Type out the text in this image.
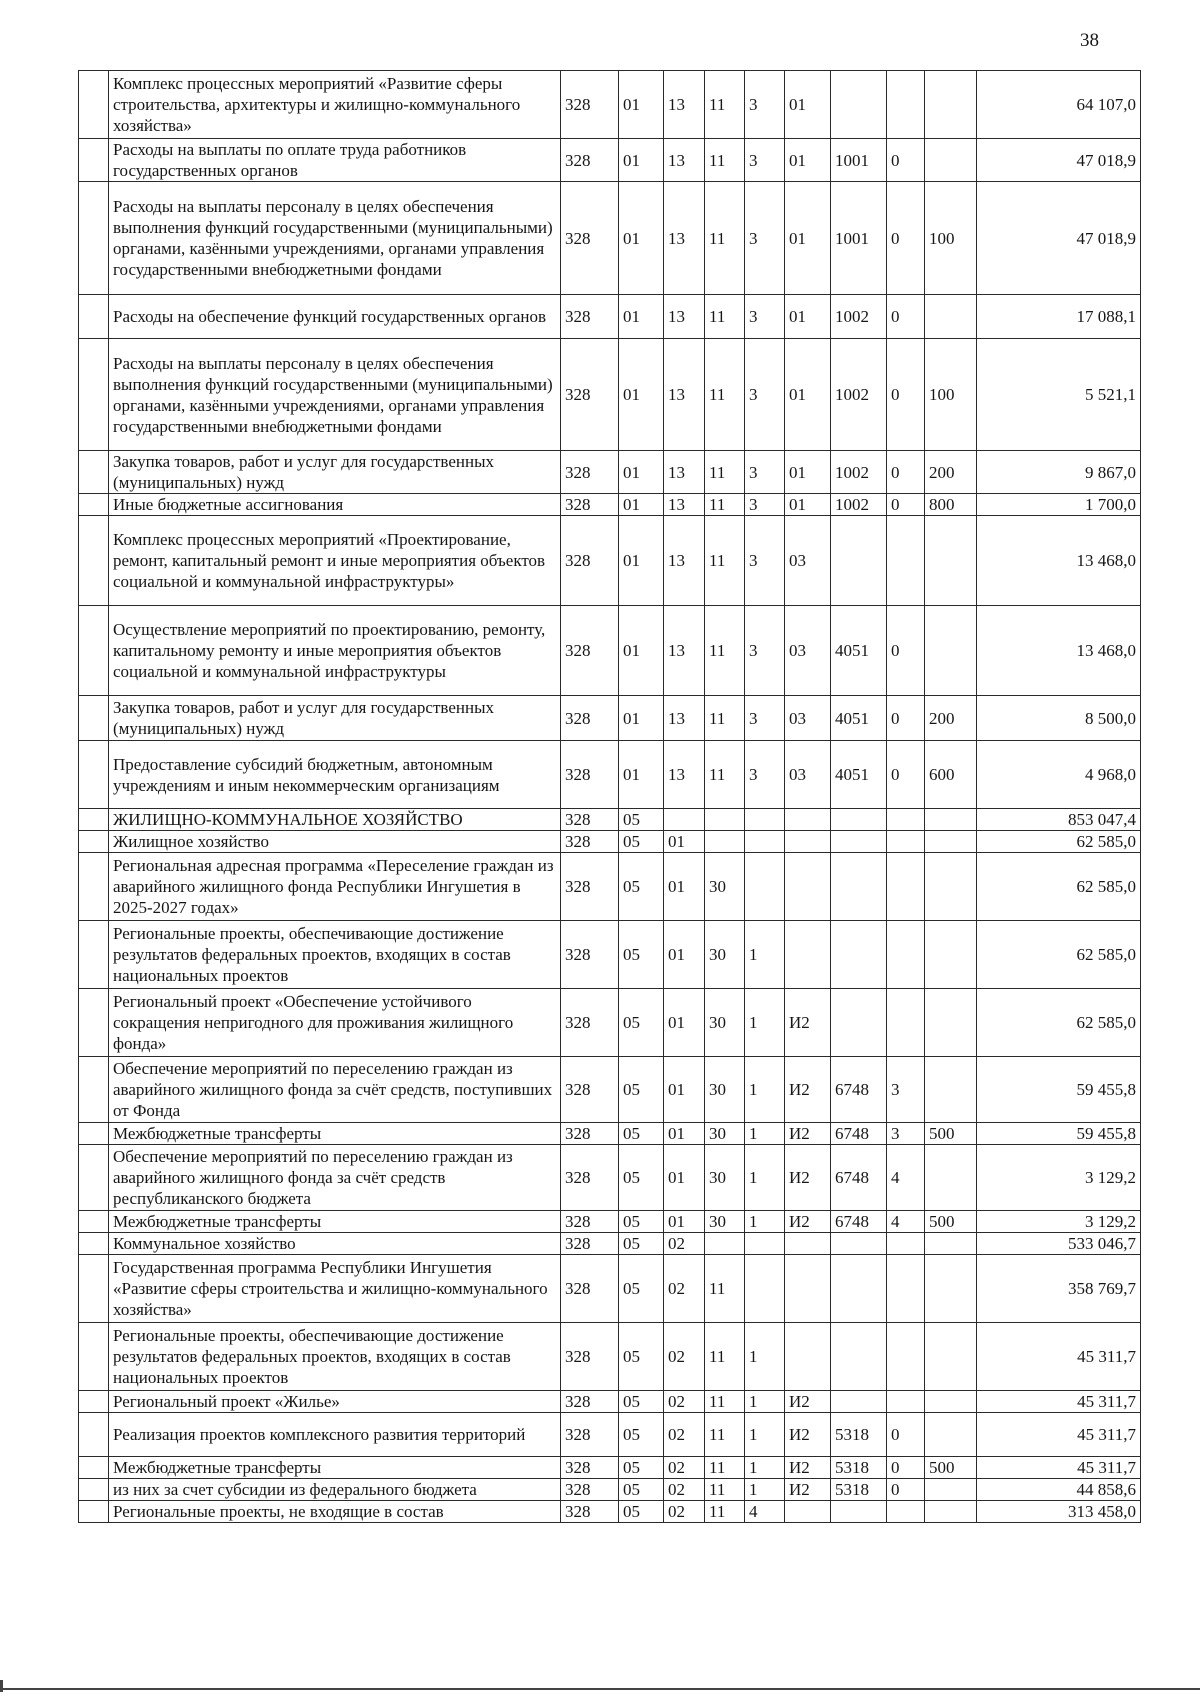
38
	Комплекс процессных мероприятий «Развитие сферы строительства, архитектуры и жилищно-коммунального хозяйства»	328	01	13	11	3	01				64 107,0
	Расходы на выплаты по оплате труда работников государственных органов	328	01	13	11	3	01	1001	0		47 018,9
	Расходы на выплаты персоналу в целях обеспечения выполнения функций государственными (муниципальными) органами, казёнными учреждениями, органами управления государственными внебюджетными фондами	328	01	13	11	3	01	1001	0	100	47 018,9
	Расходы на обеспечение функций государственных органов	328	01	13	11	3	01	1002	0		17 088,1
	Расходы на выплаты персоналу в целях обеспечения выполнения функций государственными (муниципальными) органами, казёнными учреждениями, органами управления государственными внебюджетными фондами	328	01	13	11	3	01	1002	0	100	5 521,1
	Закупка товаров, работ и услуг для государственных (муниципальных) нужд	328	01	13	11	3	01	1002	0	200	9 867,0
	Иные бюджетные ассигнования	328	01	13	11	3	01	1002	0	800	1 700,0
	Комплекс процессных мероприятий «Проектирование, ремонт, капитальный ремонт и иные мероприятия объектов социальной и коммунальной инфраструктуры»	328	01	13	11	3	03				13 468,0
	Осуществление мероприятий по проектированию, ремонту, капитальному ремонту и иные мероприятия объектов социальной и коммунальной инфраструктуры	328	01	13	11	3	03	4051	0		13 468,0
	Закупка товаров, работ и услуг для государственных (муниципальных) нужд	328	01	13	11	3	03	4051	0	200	8 500,0
	Предоставление субсидий бюджетным, автономным учреждениям и иным некоммерческим организациям	328	01	13	11	3	03	4051	0	600	4 968,0
	ЖИЛИЩНО-КОММУНАЛЬНОЕ ХОЗЯЙСТВО	328	05								853 047,4
	Жилищное хозяйство	328	05	01							62 585,0
	Региональная адресная программа «Переселение граждан из аварийного жилищного фонда Республики Ингушетия в 2025-2027 годах»	328	05	01	30						62 585,0
	Региональные проекты, обеспечивающие достижение результатов федеральных проектов, входящих в состав национальных проектов	328	05	01	30	1					62 585,0
	Региональный проект «Обеспечение устойчивого сокращения непригодного для проживания жилищного фонда»	328	05	01	30	1	И2				62 585,0
	Обеспечение мероприятий по переселению граждан из аварийного жилищного фонда за счёт средств, поступивших от Фонда	328	05	01	30	1	И2	6748	3		59 455,8
	Межбюджетные трансферты	328	05	01	30	1	И2	6748	3	500	59 455,8
	Обеспечение мероприятий по переселению граждан из аварийного жилищного фонда за счёт средств республиканского бюджета	328	05	01	30	1	И2	6748	4		3 129,2
	Межбюджетные трансферты	328	05	01	30	1	И2	6748	4	500	3 129,2
	Коммунальное хозяйство	328	05	02							533 046,7
	Государственная программа Республики Ингушетия «Развитие сферы строительства и жилищно-коммунального хозяйства»	328	05	02	11						358 769,7
	Региональные проекты, обеспечивающие достижение результатов федеральных проектов, входящих в состав национальных проектов	328	05	02	11	1					45 311,7
	Региональный проект «Жилье»	328	05	02	11	1	И2				45 311,7
	Реализация проектов комплексного развития территорий	328	05	02	11	1	И2	5318	0		45 311,7
	Межбюджетные трансферты	328	05	02	11	1	И2	5318	0	500	45 311,7
	из них за счет субсидии из федерального бюджета	328	05	02	11	1	И2	5318	0		44 858,6
	Региональные проекты, не входящие в состав	328	05	02	11	4					313 458,0
